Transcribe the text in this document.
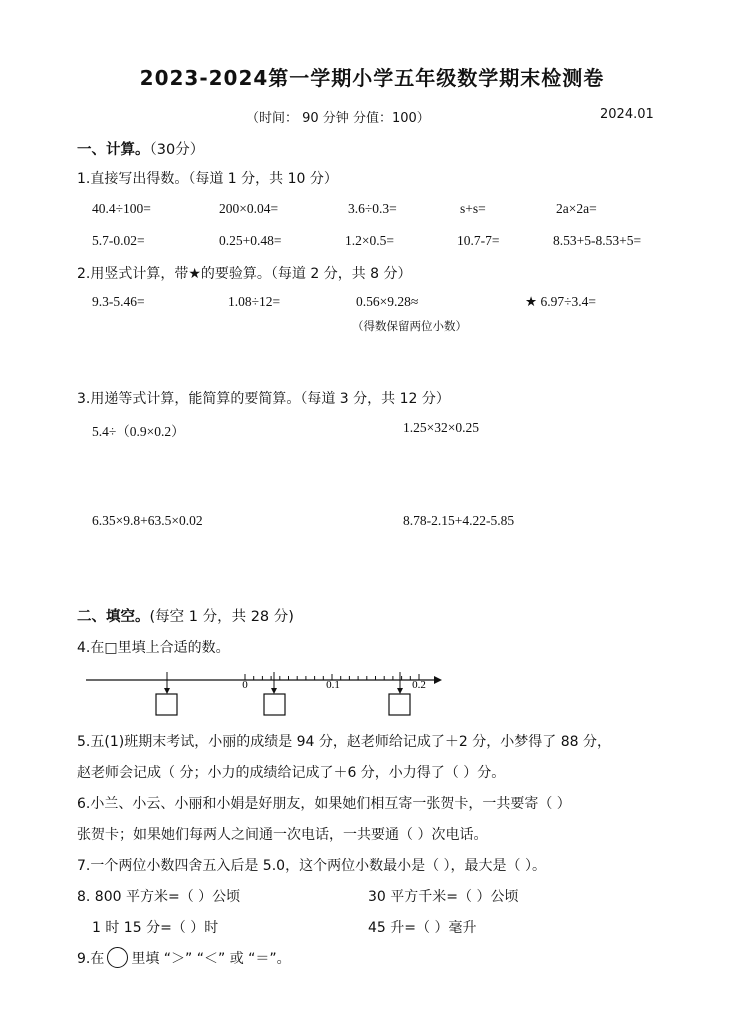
2023-2024第一学期小学五年级数学期末检测卷
（时间： 90 分钟 分值：100）	2024.01
一、计算。（30分）
1.直接写出得数。（每道 1 分，共 10 分）
40.4÷100=	200×0.04=	3.6÷0.3=	s+s=	2a×2a=
5.7-0.02=	0.25+0.48=	1.2×0.5=	10.7-7=	8.53+5-8.53+5=
2.用竖式计算，带★的要验算。（每道 2 分，共 8 分）
9.3-5.46=	1.08÷12=	0.56×9.28≈	★ 6.97÷3.4=
（得数保留两位小数）
3.用递等式计算，能简算的要简算。（每道 3 分，共 12 分）
5.4÷（0.9×0.2）	1.25×32×0.25
6.35×9.8+63.5×0.02	8.78-2.15+4.22-5.85
二、填空。(每空 1 分，共 28 分)
4.在□里填上合适的数。
0	0.1	0.2
5.五(1)班期末考试，小丽的成绩是 94 分，赵老师给记成了＋2 分，小梦得了 88 分，
赵老师会记成（ 分；小力的成绩给记成了＋6 分，小力得了（ ）分。
6.小兰、小云、小丽和小娟是好朋友，如果她们相互寄一张贺卡，一共要寄（ ）
张贺卡；如果她们每两人之间通一次电话，一共要通（ ）次电话。
7.一个两位小数四舍五入后是 5.0，这个两位小数最小是（ ），最大是（ ）。
8. 800 平方米=（ ）公顷	30 平方千米=（ ）公顷
1 时 15 分=（ ）时	45 升=（ ）毫升
9.在 里填 “＞” “＜” 或 “＝”。
